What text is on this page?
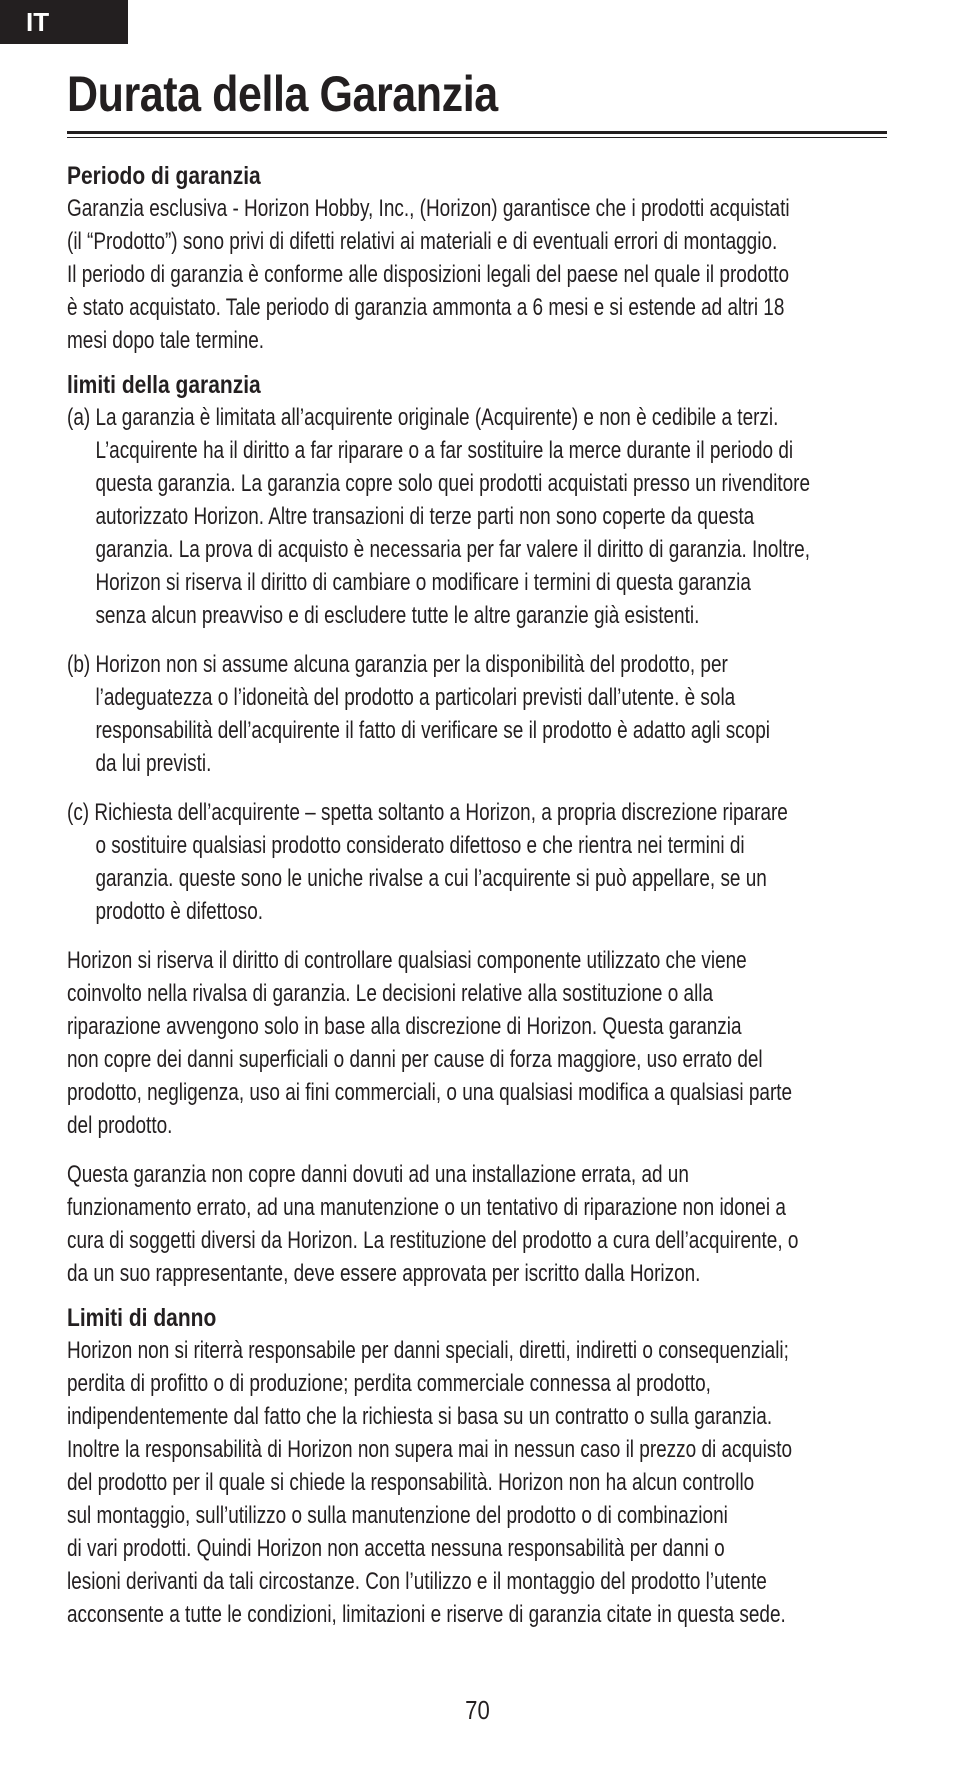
IT
Durata della Garanzia
Periodo di garanzia
Garanzia esclusiva - Horizon Hobby, Inc., (Horizon) garantisce che i prodotti acquistati
(il “Prodotto”) sono privi di difetti relativi ai materiali e di eventuali errori di montaggio.
Il periodo di garanzia è conforme alle disposizioni legali del paese nel quale il prodotto
è stato acquistato. Tale periodo di garanzia ammonta a 6 mesi e si estende ad altri 18
mesi dopo tale termine.
limiti della garanzia
(a) La garanzia è limitata all’acquirente originale (Acquirente) e non è cedibile a terzi.
L’acquirente ha il diritto a far riparare o a far sostituire la merce durante il periodo di
questa garanzia. La garanzia copre solo quei prodotti acquistati presso un rivenditore
autorizzato Horizon. Altre transazioni di terze parti non sono coperte da questa
garanzia. La prova di acquisto è necessaria per far valere il diritto di garanzia. Inoltre,
Horizon si riserva il diritto di cambiare o modificare i termini di questa garanzia
senza alcun preavviso e di escludere tutte le altre garanzie già esistenti.
(b) Horizon non si assume alcuna garanzia per la disponibilità del prodotto, per
l’adeguatezza o l’idoneità del prodotto a particolari previsti dall’utente. è sola
responsabilità dell’acquirente il fatto di verificare se il prodotto è adatto agli scopi
da lui previsti.
(c) Richiesta dell’acquirente – spetta soltanto a Horizon, a propria discrezione riparare
o sostituire qualsiasi prodotto considerato difettoso e che rientra nei termini di
garanzia. queste sono le uniche rivalse a cui l’acquirente si può appellare, se un
prodotto è difettoso.
Horizon si riserva il diritto di controllare qualsiasi componente utilizzato che viene
coinvolto nella rivalsa di garanzia. Le decisioni relative alla sostituzione o alla
riparazione avvengono solo in base alla discrezione di Horizon. Questa garanzia
non copre dei danni superficiali o danni per cause di forza maggiore, uso errato del
prodotto, negligenza, uso ai fini commerciali, o una qualsiasi modifica a qualsiasi parte
del prodotto.
Questa garanzia non copre danni dovuti ad una installazione errata, ad un
funzionamento errato, ad una manutenzione o un tentativo di riparazione non idonei a
cura di soggetti diversi da Horizon. La restituzione del prodotto a cura dell’acquirente, o
da un suo rappresentante, deve essere approvata per iscritto dalla Horizon.
Limiti di danno
Horizon non si riterrà responsabile per danni speciali, diretti, indiretti o consequenziali;
perdita di profitto o di produzione; perdita commerciale connessa al prodotto,
indipendentemente dal fatto che la richiesta si basa su un contratto o sulla garanzia.
Inoltre la responsabilità di Horizon non supera mai in nessun caso il prezzo di acquisto
del prodotto per il quale si chiede la responsabilità. Horizon non ha alcun controllo
sul montaggio, sull’utilizzo o sulla manutenzione del prodotto o di combinazioni
di vari prodotti. Quindi Horizon non accetta nessuna responsabilità per danni o
lesioni derivanti da tali circostanze. Con l’utilizzo e il montaggio del prodotto l’utente
acconsente a tutte le condizioni, limitazioni e riserve di garanzia citate in questa sede.
70
